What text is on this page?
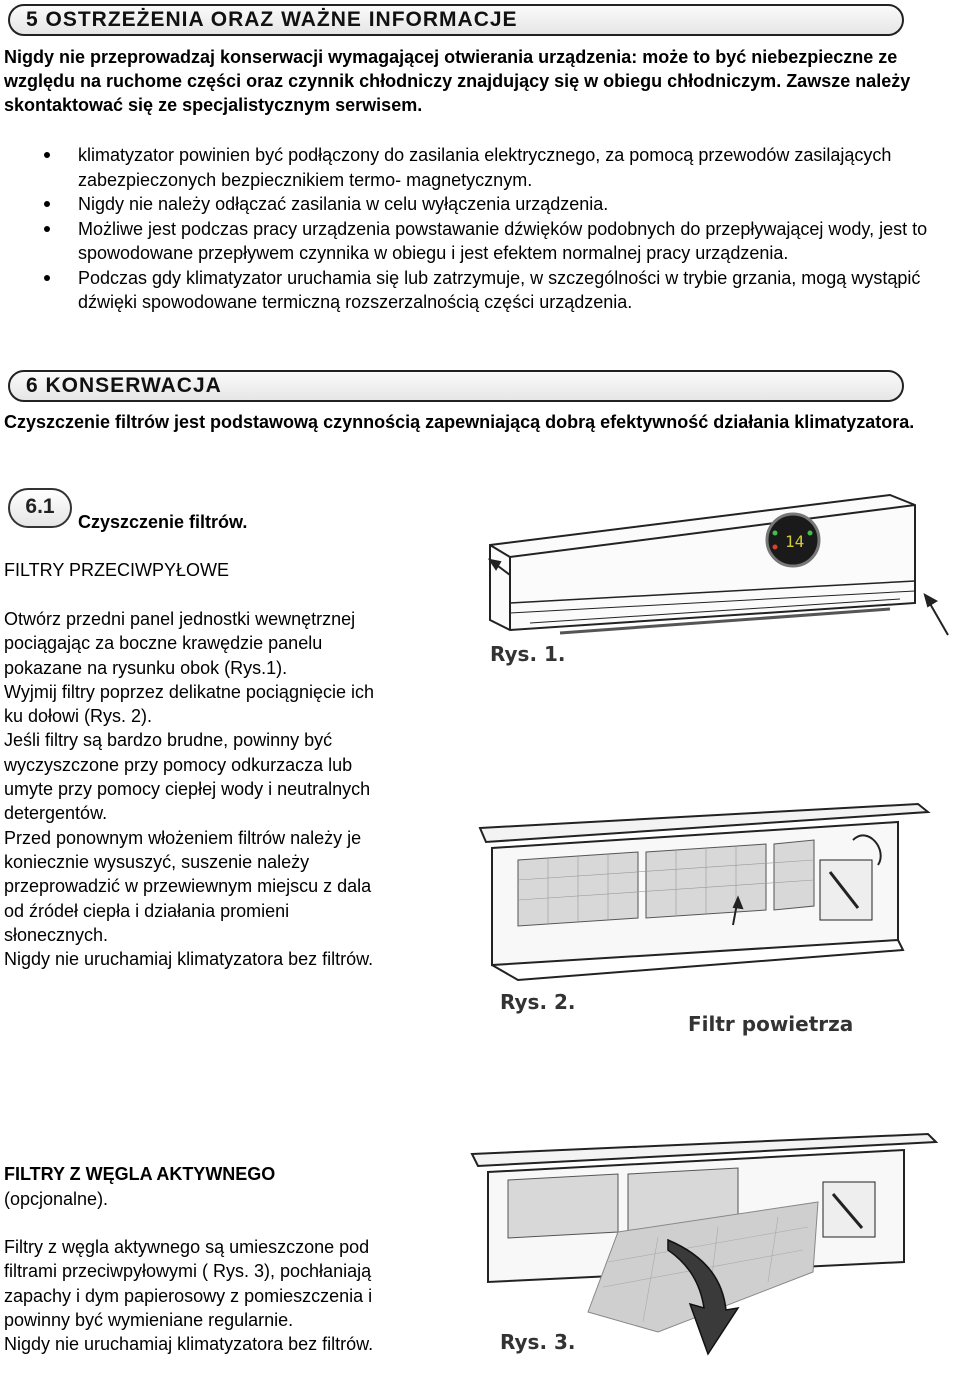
5 OSTRZEŻENIA ORAZ WAŻNE INFORMACJE
Nigdy nie przeprowadzaj konserwacji wymagającej otwierania urządzenia: może to być niebezpieczne ze względu na ruchome części oraz czynnik chłodniczy znajdujący się w obiegu chłodniczym. Zawsze należy skontaktować się ze specjalistycznym serwisem.
klimatyzator powinien być podłączony do zasilania elektrycznego, za pomocą przewodów zasilających zabezpieczonych bezpiecznikiem termo- magnetycznym.
Nigdy nie należy odłączać zasilania w celu wyłączenia urządzenia.
Możliwe jest podczas pracy urządzenia powstawanie dźwięków podobnych do przepływającej wody, jest to spowodowane przepływem czynnika w obiegu i jest efektem normalnej pracy urządzenia.
Podczas gdy klimatyzator uruchamia się lub zatrzymuje, w szczególności w trybie grzania, mogą wystąpić dźwięki spowodowane termiczną rozszerzalnością części urządzenia.
6 KONSERWACJA
Czyszczenie filtrów jest podstawową czynnością zapewniającą dobrą efektywność działania klimatyzatora.
6.1
Czyszczenie filtrów.
FILTRY PRZECIWPYŁOWE
Otwórz przedni panel jednostki wewnętrznej
pociągając za boczne krawędzie panelu
pokazane na rysunku obok (Rys.1).
Wyjmij filtry poprzez delikatne pociągnięcie ich
ku dołowi (Rys. 2).
Jeśli filtry są bardzo brudne, powinny być
wyczyszczone przy pomocy odkurzacza lub
umyte przy pomocy ciepłej wody i neutralnych
detergentów.
Przed ponownym włożeniem filtrów należy je
koniecznie wysuszyć, suszenie należy
przeprowadzić w przewiewnym miejscu z dala
od źródeł ciepła i działania promieni
słonecznych.
Nigdy nie uruchamiaj klimatyzatora bez filtrów.
FILTRY Z WĘGLA AKTYWNEGO
(opcjonalne).
Filtry z węgla aktywnego są umieszczone pod
filtrami przeciwpyłowymi ( Rys. 3), pochłaniają
zapachy i dym papierosowy z pomieszczenia i
powinny być wymieniane regularnie.
Nigdy nie uruchamiaj klimatyzatora bez filtrów.
14
Rys. 1.
Rys. 2.
Filtr powietrza
Rys. 3.
